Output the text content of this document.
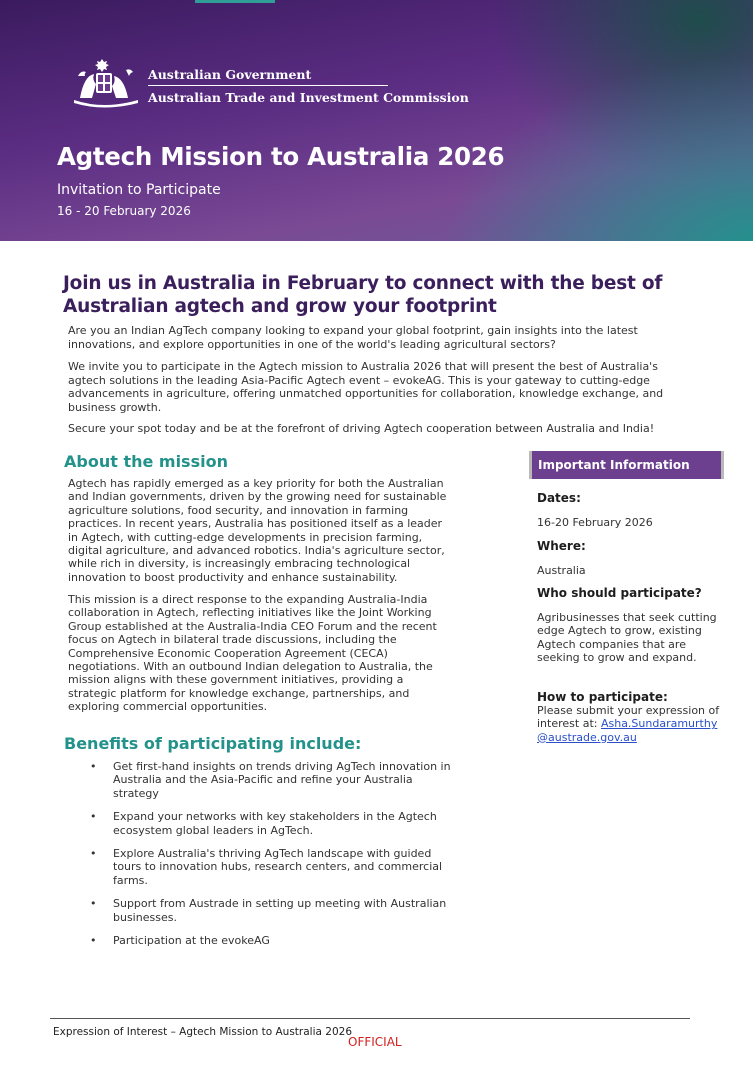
Australian Government
Australian Trade and Investment Commission
Agtech Mission to Australia 2026
Invitation to Participate
16 - 20 February 2026
Join us in Australia in February to connect with the best of Australian agtech and grow your footprint
Are you an Indian AgTech company looking to expand your global footprint, gain insights into the latest innovations, and explore opportunities in one of the world's leading agricultural sectors?
We invite you to participate in the Agtech mission to Australia 2026 that will present the best of Australia's agtech solutions in the leading Asia-Pacific Agtech event – evokeAG. This is your gateway to cutting-edge advancements in agriculture, offering unmatched opportunities for collaboration, knowledge exchange, and business growth.
Secure your spot today and be at the forefront of driving Agtech cooperation between Australia and India!
About the mission
Agtech has rapidly emerged as a key priority for both the Australian and Indian governments, driven by the growing need for sustainable agriculture solutions, food security, and innovation in farming practices. In recent years, Australia has positioned itself as a leader in Agtech, with cutting-edge developments in precision farming, digital agriculture, and advanced robotics. India's agriculture sector, while rich in diversity, is increasingly embracing technological innovation to boost productivity and enhance sustainability.
This mission is a direct response to the expanding Australia-India collaboration in Agtech, reflecting initiatives like the Joint Working Group established at the Australia-India CEO Forum and the recent focus on Agtech in bilateral trade discussions, including the Comprehensive Economic Cooperation Agreement (CECA) negotiations. With an outbound Indian delegation to Australia, the mission aligns with these government initiatives, providing a strategic platform for knowledge exchange, partnerships, and exploring commercial opportunities.
Benefits of participating include:
• Get first-hand insights on trends driving AgTech innovation in Australia and the Asia-Pacific and refine your Australia strategy
• Expand your networks with key stakeholders in the Agtech ecosystem global leaders in AgTech.
• Explore Australia's thriving AgTech landscape with guided tours to innovation hubs, research centers, and commercial farms.
• Support from Austrade in setting up meeting with Australian businesses.
• Participation at the evokeAG
Important Information
Dates:
16-20 February 2026
Where:
Australia
Who should participate?
Agribusinesses that seek cutting edge Agtech to grow, existing Agtech companies that are seeking to grow and expand.
How to participate:
Please submit your expression of interest at: Asha.Sundaramurthy@austrade.gov.au
Expression of Interest – Agtech Mission to Australia 2026
OFFICIAL
